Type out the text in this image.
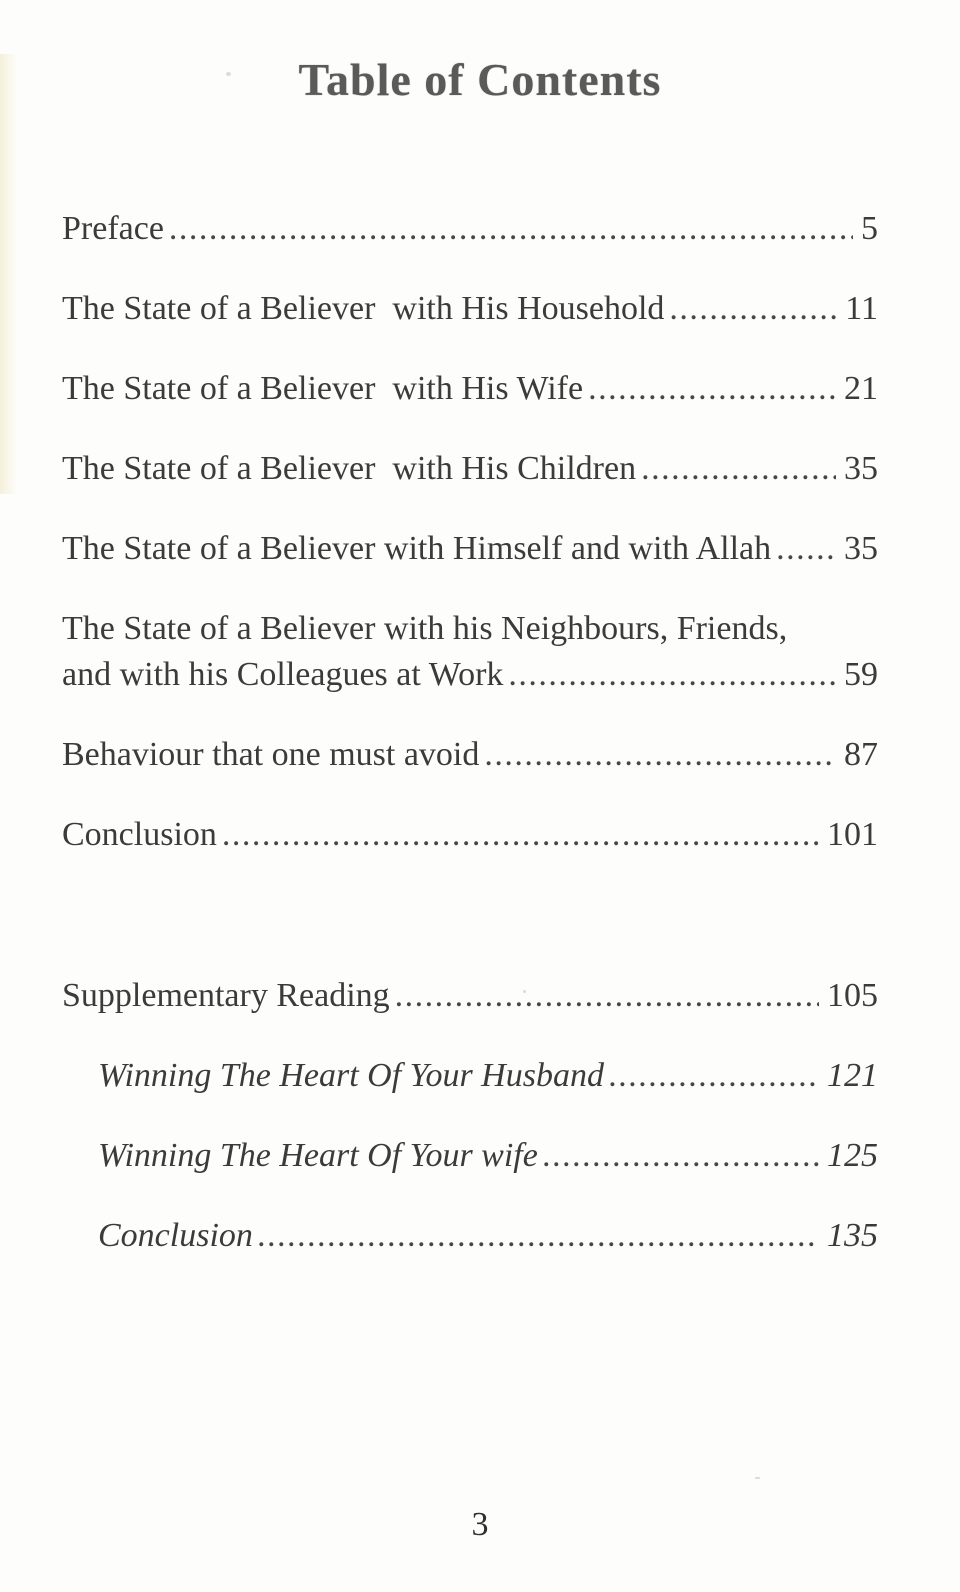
Table of Contents
Preface .....	5
The State of a Believer  with His Household .....	11
The State of a Believer  with His Wife .....	21
The State of a Believer  with His Children .....	35
The State of a Believer with Himself and with Allah ..... 35
The State of a Believer with his Neighbours, Friends,
and with his Colleagues at Work .....	59
Behaviour that one must avoid .....	87
Conclusion .....	101
Supplementary Reading .....	105
Winning The Heart Of Your Husband .....	121
Winning The Heart Of Your wife .....	125
Conclusion .....	135
3
